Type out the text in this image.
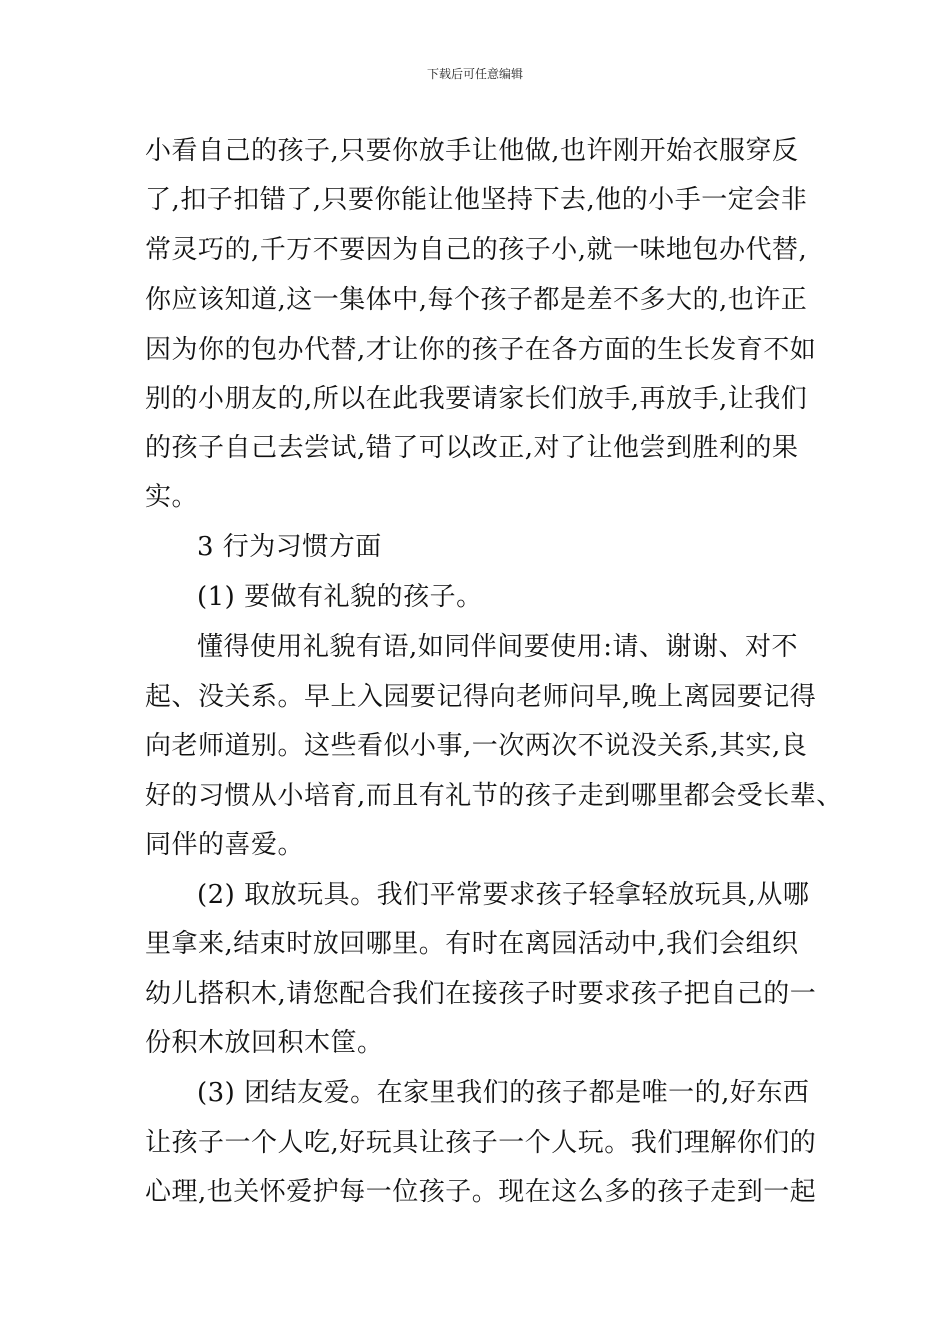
下载后可任意编辑
小看自己的孩子,只要你放手让他做,也许刚开始衣服穿反
了,扣子扣错了,只要你能让他坚持下去,他的小手一定会非
常灵巧的,千万不要因为自己的孩子小,就一味地包办代替,
你应该知道,这一集体中,每个孩子都是差不多大的,也许正
因为你的包办代替,才让你的孩子在各方面的生长发育不如
别的小朋友的,所以在此我要请家长们放手,再放手,让我们
的孩子自己去尝试,错了可以改正,对了让他尝到胜利的果
实。
3 行为习惯方面
(1) 要做有礼貌的孩子。
懂得使用礼貌有语,如同伴间要使用:请、谢谢、对不
起、没关系。早上入园要记得向老师问早,晚上离园要记得
向老师道别。这些看似小事,一次两次不说没关系,其实,良
好的习惯从小培育,而且有礼节的孩子走到哪里都会受长辈、
同伴的喜爱。
(2) 取放玩具。我们平常要求孩子轻拿轻放玩具,从哪
里拿来,结束时放回哪里。有时在离园活动中,我们会组织
幼儿搭积木,请您配合我们在接孩子时要求孩子把自己的一
份积木放回积木筐。
(3) 团结友爱。在家里我们的孩子都是唯一的,好东西
让孩子一个人吃,好玩具让孩子一个人玩。我们理解你们的
心理,也关怀爱护每一位孩子。现在这么多的孩子走到一起
